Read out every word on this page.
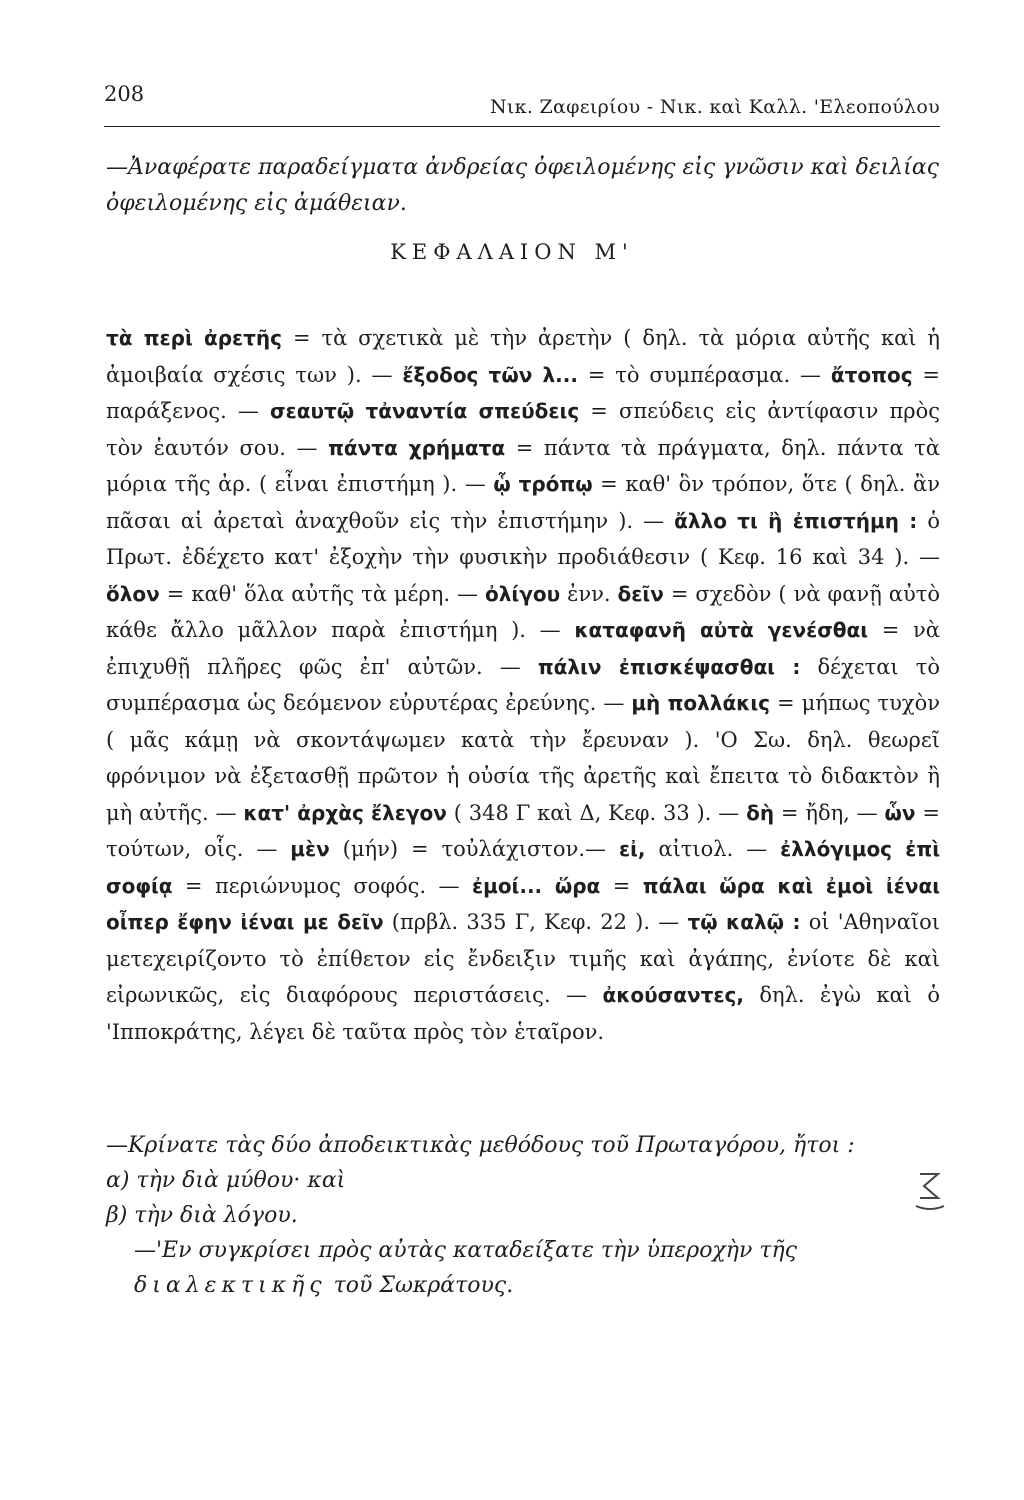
208
Νικ. Ζαφειρίου - Νικ. καὶ Καλλ. 'Ελεοπούλου
—Ἀναφέρατε παραδείγματα ἀνδρείας ὀφειλομένης εἰς γνῶσιν καὶ δειλίας ὀφειλομένης εἰς ἀμάθειαν.
ΚΕΦΑΛΑΙΟΝ Μ'
τὰ περὶ ἀρετῆς = τὰ σχετικὰ μὲ τὴν ἀρετὴν ( δηλ. τὰ μόρια αὐτῆς καὶ ἡ ἀμοιβαία σχέσις των ). — ἔξοδος τῶν λ... = τὸ συμπέρασμα. — ἄτοπος = παράξενος. — σεαυτῷ τἀναντία σπεύδεις = σπεύδεις εἰς ἀντίφασιν πρὸς τὸν ἑαυτόν σου. — πάντα χρήματα = πάντα τὰ πράγματα, δηλ. πάντα τὰ μόρια τῆς ἀρ. ( εἶναι ἐπιστήμη ). — ᾧ τρόπῳ = καθ' ὃν τρόπον, ὅτε ( δηλ. ἂν πᾶσαι αἱ ἀρεταὶ ἀναχθοῦν εἰς τὴν ἐπιστήμην ). — ἄλλο τι ἢ ἐπιστήμη : ὁ Πρωτ. ἐδέχετο κατ' ἐξοχὴν τὴν φυσικὴν προδιάθεσιν ( Κεφ. 16 καὶ 34 ). — ὅλον = καθ' ὅλα αὐτῆς τὰ μέρη. — ὀλίγου ἐνν. δεῖν = σχεδὸν ( νὰ φανῇ αὐτὸ κάθε ἄλλο μᾶλλον παρὰ ἐπιστήμη ). — καταφανῆ αὐτὰ γενέσθαι = νὰ ἐπιχυθῇ πλῆρες φῶς ἐπ' αὐτῶν. — πάλιν ἐπισκέψασθαι : δέχεται τὸ συμπέρασμα ὡς δεόμενον εὐρυτέρας ἐρεύνης. — μὴ πολλάκις = μήπως τυχὸν ( μᾶς κάμῃ νὰ σκοντάψωμεν κατὰ τὴν ἔρευναν ). 'Ο Σω. δηλ. θεωρεῖ φρόνιμον νὰ ἐξετασθῇ πρῶτον ἡ οὐσία τῆς ἀρετῆς καὶ ἔπειτα τὸ διδακτὸν ἢ μὴ αὐτῆς. — κατ' ἀρχὰς ἔλεγον ( 348 Γ καὶ Δ, Κεφ. 33 ). — δὴ = ἤδη, — ὧν = τούτων, οἷς. — μὲν (μήν) = τοὐλάχιστον.— εἰ, αἰτιολ. — ἐλλόγιμος ἐπὶ σοφίᾳ = περιώνυμος σοφός. — ἐμοί... ὥρα = πάλαι ὥρα καὶ ἐμοὶ ἰέναι οἶπερ ἔφην ἰέναι με δεῖν (πρβλ. 335 Γ, Κεφ. 22 ). — τῷ καλῷ : οἱ 'Αθηναῖοι μετεχειρίζοντο τὸ ἐπίθετον εἰς ἔνδειξιν τιμῆς καὶ ἀγάπης, ἐνίοτε δὲ καὶ εἰρωνικῶς, εἰς διαφόρους περιστάσεις. — ἀκούσαντες, δηλ. ἐγὼ καὶ ὁ 'Ιπποκράτης, λέγει δὲ ταῦτα πρὸς τὸν ἑταῖρον.
—Κρίνατε τὰς δύο ἀποδεικτικὰς μεθόδους τοῦ Πρωταγόρου, ἤτοι :
α) τὴν διὰ μύθου· καὶ
β) τὴν διὰ λόγου.
—'Εν συγκρίσει πρὸς αὐτὰς καταδείξατε τὴν ὑπεροχὴν τῆς διαλεκτικῆς τοῦ Σωκράτους.
